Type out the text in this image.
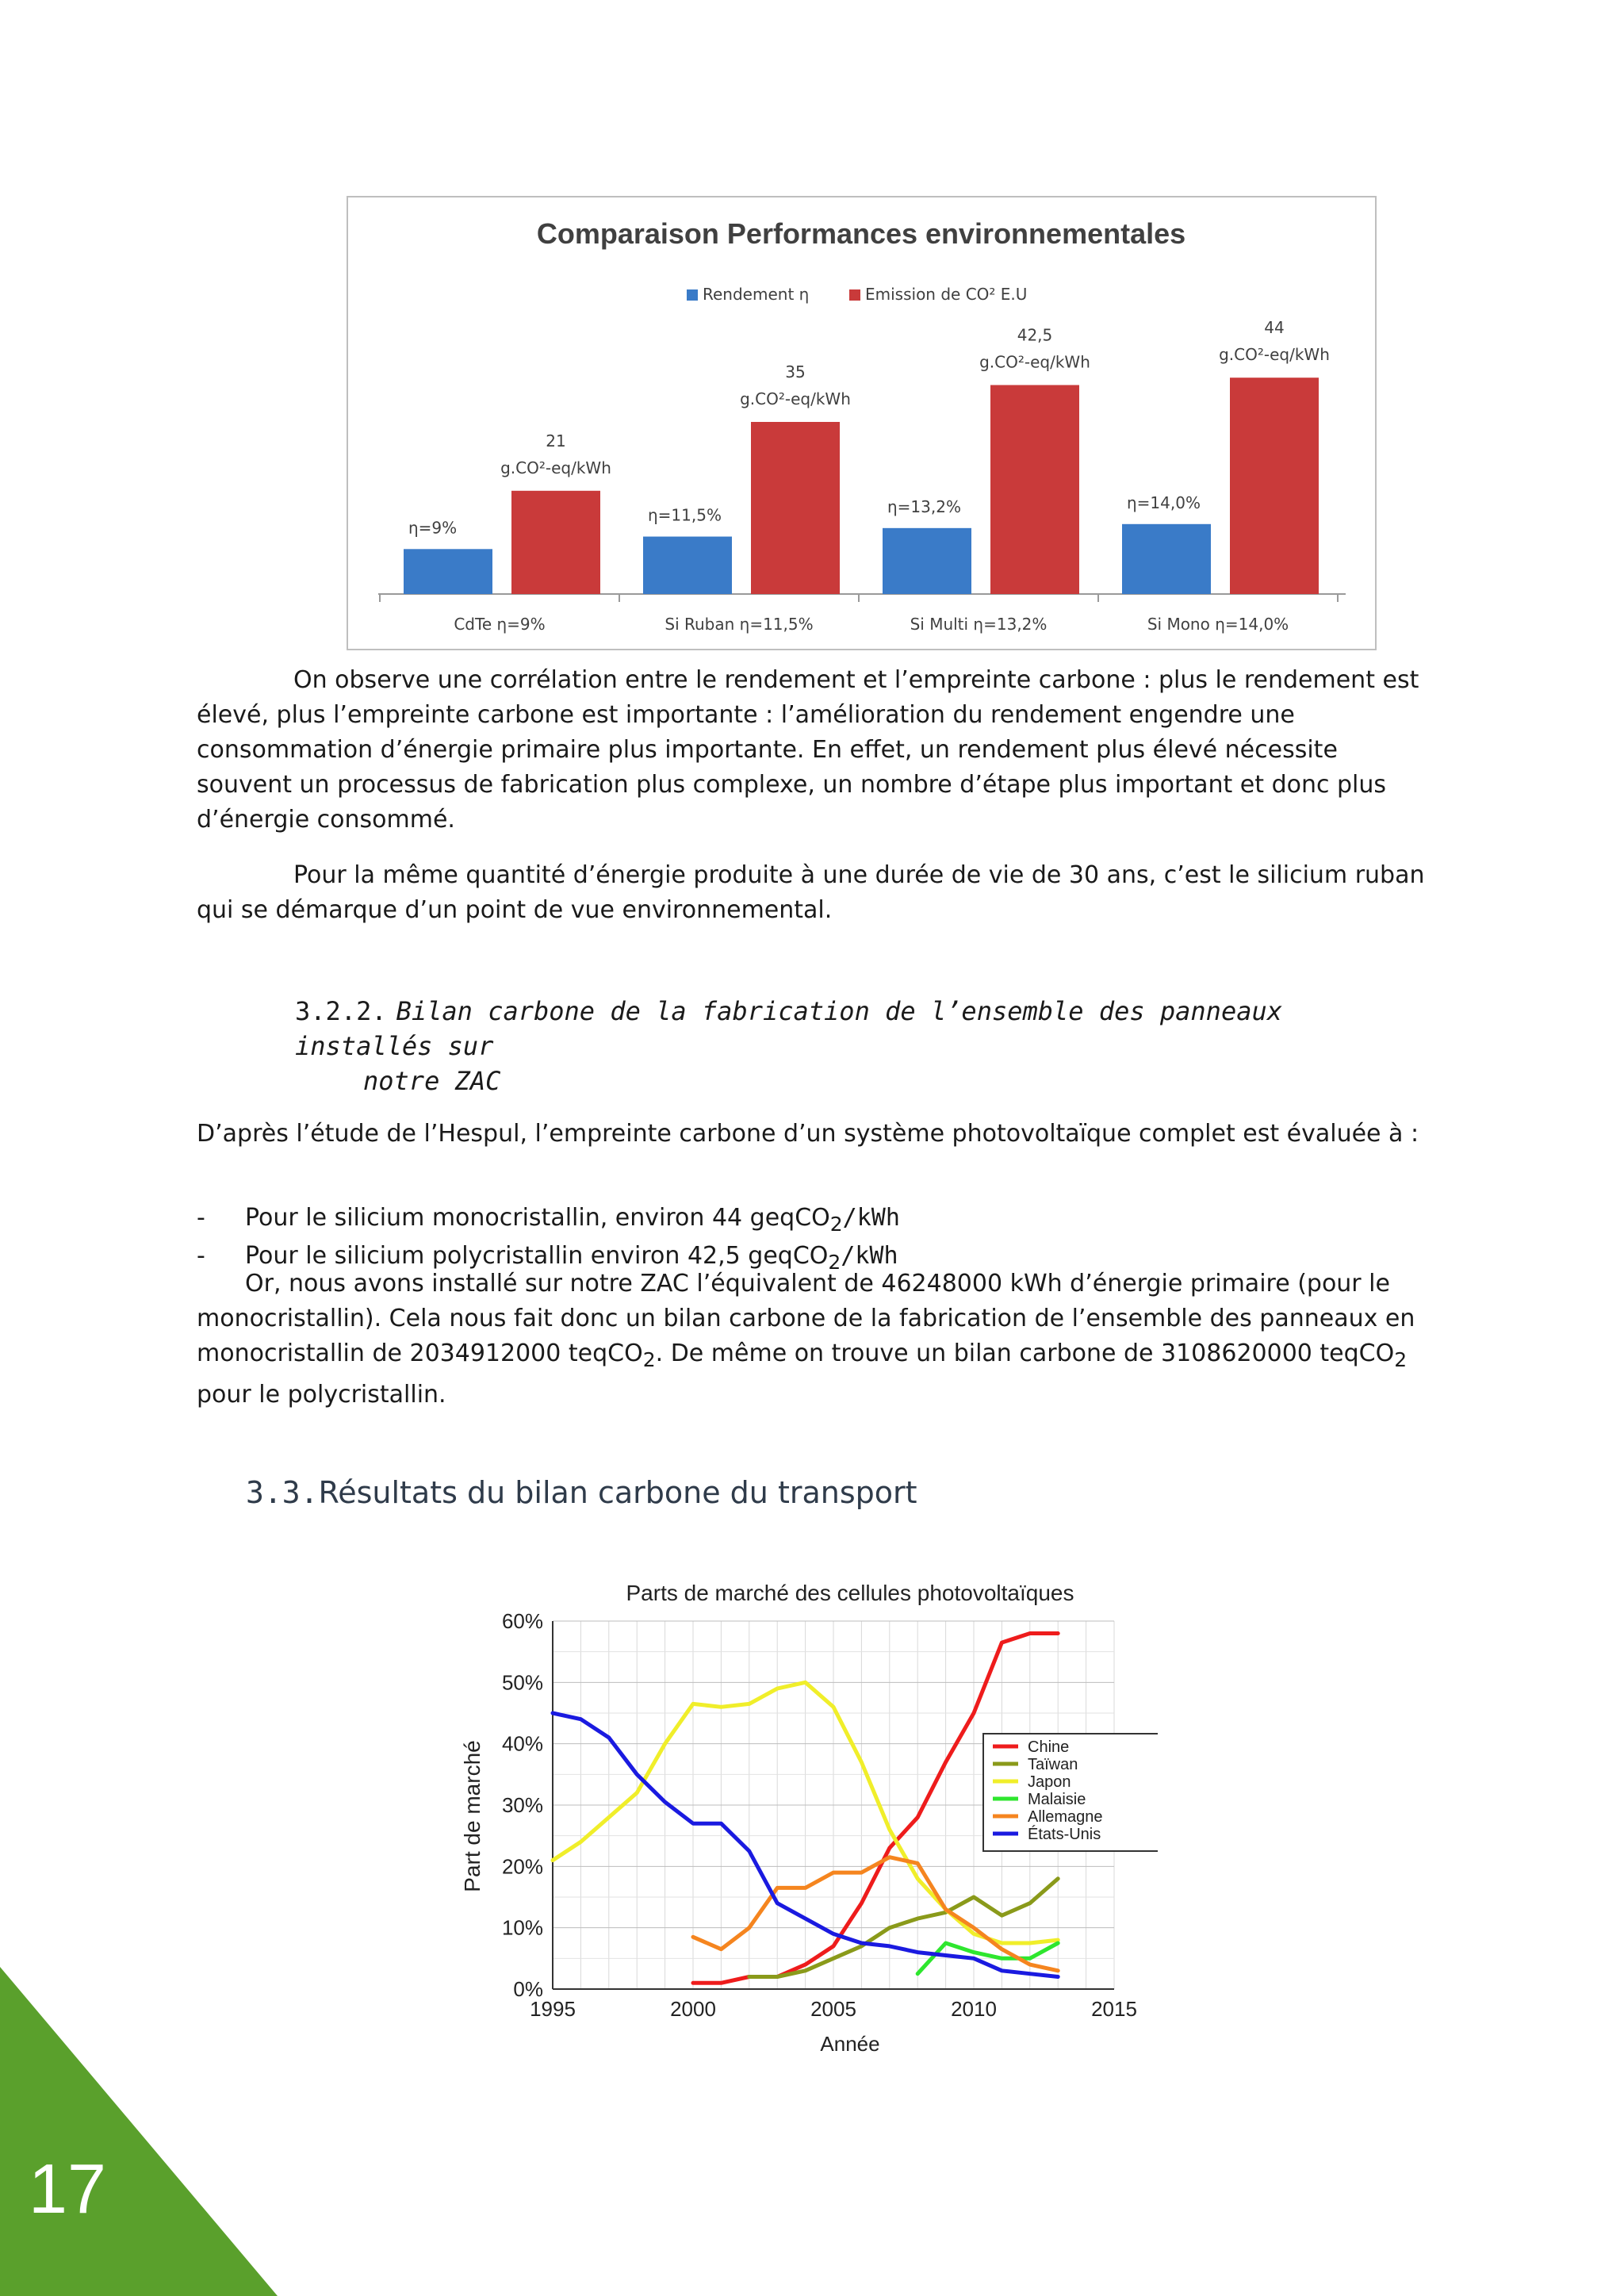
Comparaison Performances environnementales
Rendement η	Emission de CO² E.U
η=9%
21
g.CO²-eq/kWh
CdTe η=9%
η=11,5%
35
g.CO²-eq/kWh
Si Ruban η=11,5%
η=13,2%
42,5
g.CO²-eq/kWh
Si Multi η=13,2%
η=14,0%
44
g.CO²-eq/kWh
Si Mono η=14,0%

On observe une corrélation entre le rendement et l’empreinte carbone : plus le rendement est élevé, plus l’empreinte carbone est importante : l’amélioration du rendement engendre une consommation d’énergie primaire plus importante. En effet, un rendement plus élevé nécessite souvent un processus de fabrication plus complexe, un nombre d’étape plus important et donc plus d’énergie consommé.

Pour la même quantité d’énergie produite à une durée de vie de 30 ans, c’est le silicium ruban qui se démarque d’un point de vue environnemental.

3.2.2. Bilan carbone de la fabrication de l’ensemble des panneaux installés sur
notre ZAC

D’après l’étude de l’Hespul, l’empreinte carbone d’un système photovoltaïque complet est évaluée à :

- Pour le silicium monocristallin, environ 44 geqCO$_2$/kWh
- Pour le silicium polycristallin environ 42,5 geqCO$_2$/kWh

Or, nous avons installé sur notre ZAC l’équivalent de 46248000 kWh d’énergie primaire (pour le monocristallin). Cela nous fait donc un bilan carbone de la fabrication de l’ensemble des panneaux en monocristallin de 2034912000 teqCO$_2$. De même on trouve un bilan carbone de 3108620000 teqCO$_2$ pour le polycristallin.

3.3.Résultats du bilan carbone du transport
Parts de marché des cellules photovoltaïques
Année
Part de marché
0%
10%
20%
30%
40%
50%
60%
1995	2000	2005	2010	2015
Chine
Taïwan
Japon
Malaisie
Allemagne
États-Unis
17
